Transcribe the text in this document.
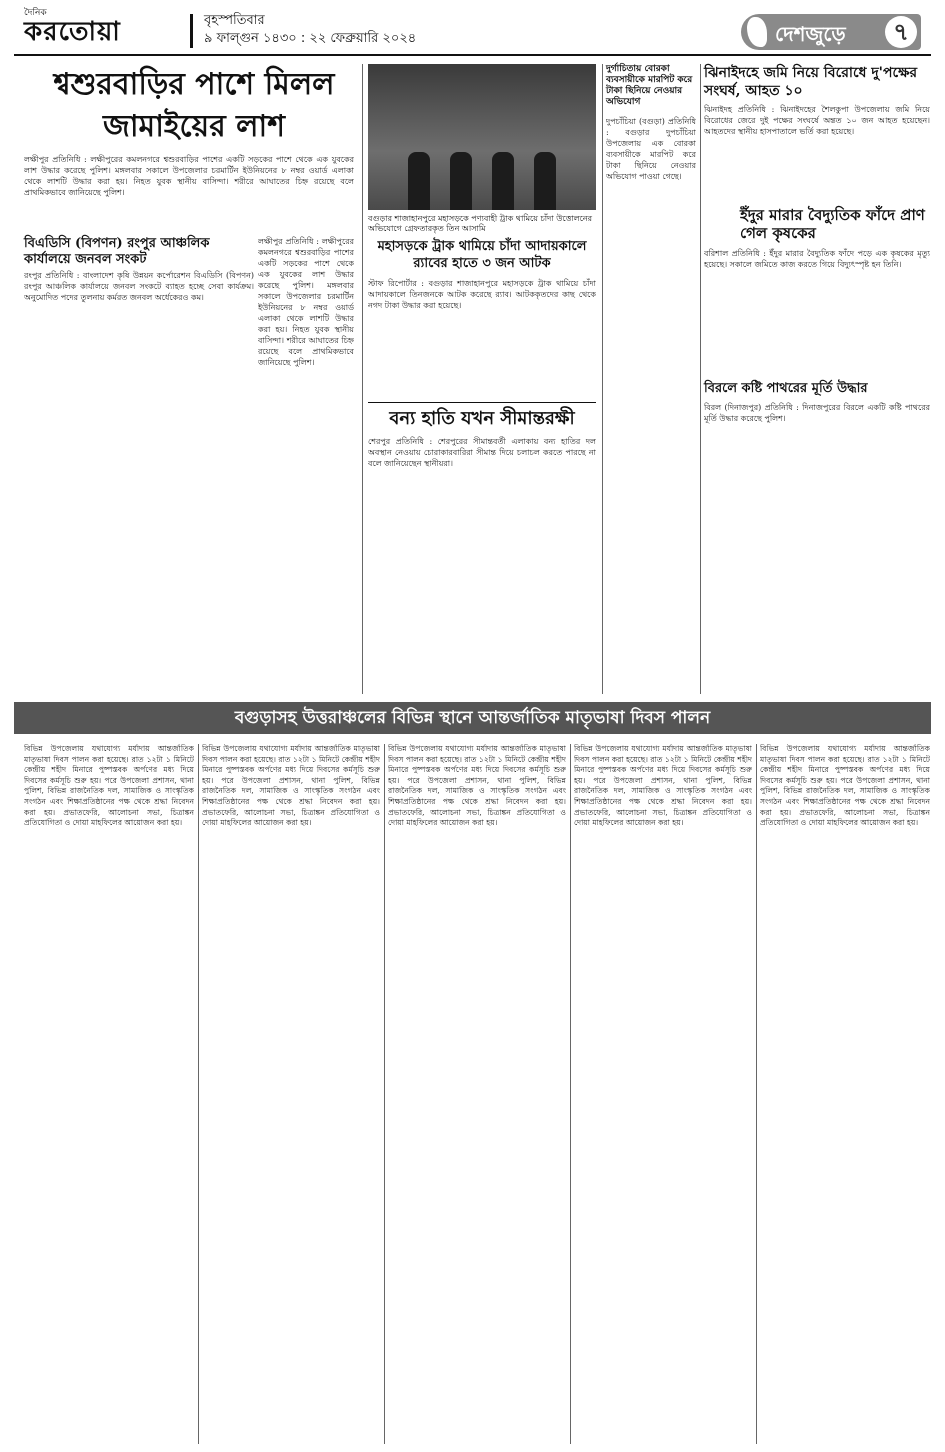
দৈনিক
করতোয়া	বৃহস্পতিবার
৯ ফাল্গুন ১৪৩০ : ২২ ফেব্রুয়ারি ২০২৪	দেশজুড়ে	৭
শ্বশুরবাড়ির পাশে মিলল জামাইয়ের লাশ
লক্ষীপুর প্রতিনিধি : লক্ষীপুরের কমলনগরে শ্বশুরবাড়ির পাশের একটি সড়কের পাশে থেকে এক যুবকের লাশ উদ্ধার করেছে পুলিশ। মঙ্গলবার সকালে উপজেলার চরমার্টিন ইউনিয়নের ৮ নম্বর ওয়ার্ড এলাকা থেকে লাশটি উদ্ধার করা হয়। নিহত যুবক স্থানীয় বাসিন্দা। শরীরে আঘাতের চিহ্ন রয়েছে বলে প্রাথমিকভাবে জানিয়েছে পুলিশ।
বিএডিসি (বিপণন) রংপুর আঞ্চলিক কার্যালয়ে জনবল সংকট
রংপুর প্রতিনিধি : বাংলাদেশ কৃষি উন্নয়ন কর্পোরেশন বিএডিসি (বিপণন) রংপুর আঞ্চলিক কার্যালয়ে জনবল সংকটে ব্যাহত হচ্ছে সেবা কার্যক্রম। অনুমোদিত পদের তুলনায় কর্মরত জনবল অর্ধেকেরও কম।
লক্ষীপুর প্রতিনিধি : লক্ষীপুরের কমলনগরে শ্বশুরবাড়ির পাশের একটি সড়কের পাশে থেকে এক যুবকের লাশ উদ্ধার করেছে পুলিশ। মঙ্গলবার সকালে উপজেলার চরমার্টিন ইউনিয়নের ৮ নম্বর ওয়ার্ড এলাকা থেকে লাশটি উদ্ধার করা হয়। নিহত যুবক স্থানীয় বাসিন্দা। শরীরে আঘাতের চিহ্ন রয়েছে বলে প্রাথমিকভাবে জানিয়েছে পুলিশ।
বগুড়ার শাজাহানপুরে মহাসড়কে পণ্যবাহী ট্রাক থামিয়ে চাঁদা উত্তোলনের অভিযোগে গ্রেফতারকৃত তিন আসামি
মহাসড়কে ট্রাক থামিয়ে চাঁদা আদায়কালে র‌্যাবের হাতে ৩ জন আটক
স্টাফ রিপোর্টার : বগুড়ার শাজাহানপুরে মহাসড়কে ট্রাক থামিয়ে চাঁদা আদায়কালে তিনজনকে আটক করেছে র‌্যাব। আটককৃতদের কাছ থেকে নগদ টাকা উদ্ধার করা হয়েছে।
বন্য হাতি যখন সীমান্তরক্ষী
শেরপুর প্রতিনিধি : শেরপুরের সীমান্তবর্তী এলাকায় বন্য হাতির দল অবস্থান নেওয়ায় চোরাকারবারিরা সীমান্ত দিয়ে চলাচল করতে পারছে না বলে জানিয়েছেন স্থানীয়রা।
দুর্গাচিতায় বোরকা ব্যবসায়ীকে মারপিট করে টাকা ছিনিয়ে নেওয়ার অভিযোগ
দুপচাঁচিয়া (বগুড়া) প্রতিনিধি : বগুড়ার দুপচাঁচিয়া উপজেলায় এক বোরকা ব্যবসায়ীকে মারপিট করে টাকা ছিনিয়ে নেওয়ার অভিযোগ পাওয়া গেছে।
ঝিনাইদহে জমি নিয়ে বিরোধে দু'পক্ষের সংঘর্ষ, আহত ১০
ঝিনাইদহ প্রতিনিধি : ঝিনাইদহের শৈলকুপা উপজেলায় জমি নিয়ে বিরোধের জেরে দুই পক্ষের সংঘর্ষে অন্তত ১০ জন আহত হয়েছেন। আহতদের স্থানীয় হাসপাতালে ভর্তি করা হয়েছে।
ইঁদুর মারার বৈদ্যুতিক ফাঁদে প্রাণ গেল কৃষকের
বরিশাল প্রতিনিধি : ইঁদুর মারার বৈদ্যুতিক ফাঁদে পড়ে এক কৃষকের মৃত্যু হয়েছে। সকালে জমিতে কাজ করতে গিয়ে বিদ্যুৎস্পৃষ্ট হন তিনি।
বিরলে কষ্টি পাথরের মূর্তি উদ্ধার
বিরল (দিনাজপুর) প্রতিনিধি : দিনাজপুরের বিরলে একটি কষ্টি পাথরের মূর্তি উদ্ধার করেছে পুলিশ।
বগুড়াসহ উত্তরাঞ্চলের বিভিন্ন স্থানে আন্তর্জাতিক মাতৃভাষা দিবস পালন
বিভিন্ন উপজেলায় যথাযোগ্য মর্যাদায় আন্তর্জাতিক মাতৃভাষা দিবস পালন করা হয়েছে। রাত ১২টা ১ মিনিটে কেন্দ্রীয় শহীদ মিনারে পুষ্পস্তবক অর্পণের মধ্য দিয়ে দিবসের কর্মসূচি শুরু হয়। পরে উপজেলা প্রশাসন, থানা পুলিশ, বিভিন্ন রাজনৈতিক দল, সামাজিক ও সাংস্কৃতিক সংগঠন এবং শিক্ষাপ্রতিষ্ঠানের পক্ষ থেকে শ্রদ্ধা নিবেদন করা হয়। প্রভাতফেরি, আলোচনা সভা, চিত্রাঙ্কন প্রতিযোগিতা ও দোয়া মাহফিলের আয়োজন করা হয়।
বিভিন্ন উপজেলায় যথাযোগ্য মর্যাদায় আন্তর্জাতিক মাতৃভাষা দিবস পালন করা হয়েছে। রাত ১২টা ১ মিনিটে কেন্দ্রীয় শহীদ মিনারে পুষ্পস্তবক অর্পণের মধ্য দিয়ে দিবসের কর্মসূচি শুরু হয়। পরে উপজেলা প্রশাসন, থানা পুলিশ, বিভিন্ন রাজনৈতিক দল, সামাজিক ও সাংস্কৃতিক সংগঠন এবং শিক্ষাপ্রতিষ্ঠানের পক্ষ থেকে শ্রদ্ধা নিবেদন করা হয়। প্রভাতফেরি, আলোচনা সভা, চিত্রাঙ্কন প্রতিযোগিতা ও দোয়া মাহফিলের আয়োজন করা হয়।
বিভিন্ন উপজেলায় যথাযোগ্য মর্যাদায় আন্তর্জাতিক মাতৃভাষা দিবস পালন করা হয়েছে। রাত ১২টা ১ মিনিটে কেন্দ্রীয় শহীদ মিনারে পুষ্পস্তবক অর্পণের মধ্য দিয়ে দিবসের কর্মসূচি শুরু হয়। পরে উপজেলা প্রশাসন, থানা পুলিশ, বিভিন্ন রাজনৈতিক দল, সামাজিক ও সাংস্কৃতিক সংগঠন এবং শিক্ষাপ্রতিষ্ঠানের পক্ষ থেকে শ্রদ্ধা নিবেদন করা হয়। প্রভাতফেরি, আলোচনা সভা, চিত্রাঙ্কন প্রতিযোগিতা ও দোয়া মাহফিলের আয়োজন করা হয়।
বিভিন্ন উপজেলায় যথাযোগ্য মর্যাদায় আন্তর্জাতিক মাতৃভাষা দিবস পালন করা হয়েছে। রাত ১২টা ১ মিনিটে কেন্দ্রীয় শহীদ মিনারে পুষ্পস্তবক অর্পণের মধ্য দিয়ে দিবসের কর্মসূচি শুরু হয়। পরে উপজেলা প্রশাসন, থানা পুলিশ, বিভিন্ন রাজনৈতিক দল, সামাজিক ও সাংস্কৃতিক সংগঠন এবং শিক্ষাপ্রতিষ্ঠানের পক্ষ থেকে শ্রদ্ধা নিবেদন করা হয়। প্রভাতফেরি, আলোচনা সভা, চিত্রাঙ্কন প্রতিযোগিতা ও দোয়া মাহফিলের আয়োজন করা হয়।
বিভিন্ন উপজেলায় যথাযোগ্য মর্যাদায় আন্তর্জাতিক মাতৃভাষা দিবস পালন করা হয়েছে। রাত ১২টা ১ মিনিটে কেন্দ্রীয় শহীদ মিনারে পুষ্পস্তবক অর্পণের মধ্য দিয়ে দিবসের কর্মসূচি শুরু হয়। পরে উপজেলা প্রশাসন, থানা পুলিশ, বিভিন্ন রাজনৈতিক দল, সামাজিক ও সাংস্কৃতিক সংগঠন এবং শিক্ষাপ্রতিষ্ঠানের পক্ষ থেকে শ্রদ্ধা নিবেদন করা হয়। প্রভাতফেরি, আলোচনা সভা, চিত্রাঙ্কন প্রতিযোগিতা ও দোয়া মাহফিলের আয়োজন করা হয়।
